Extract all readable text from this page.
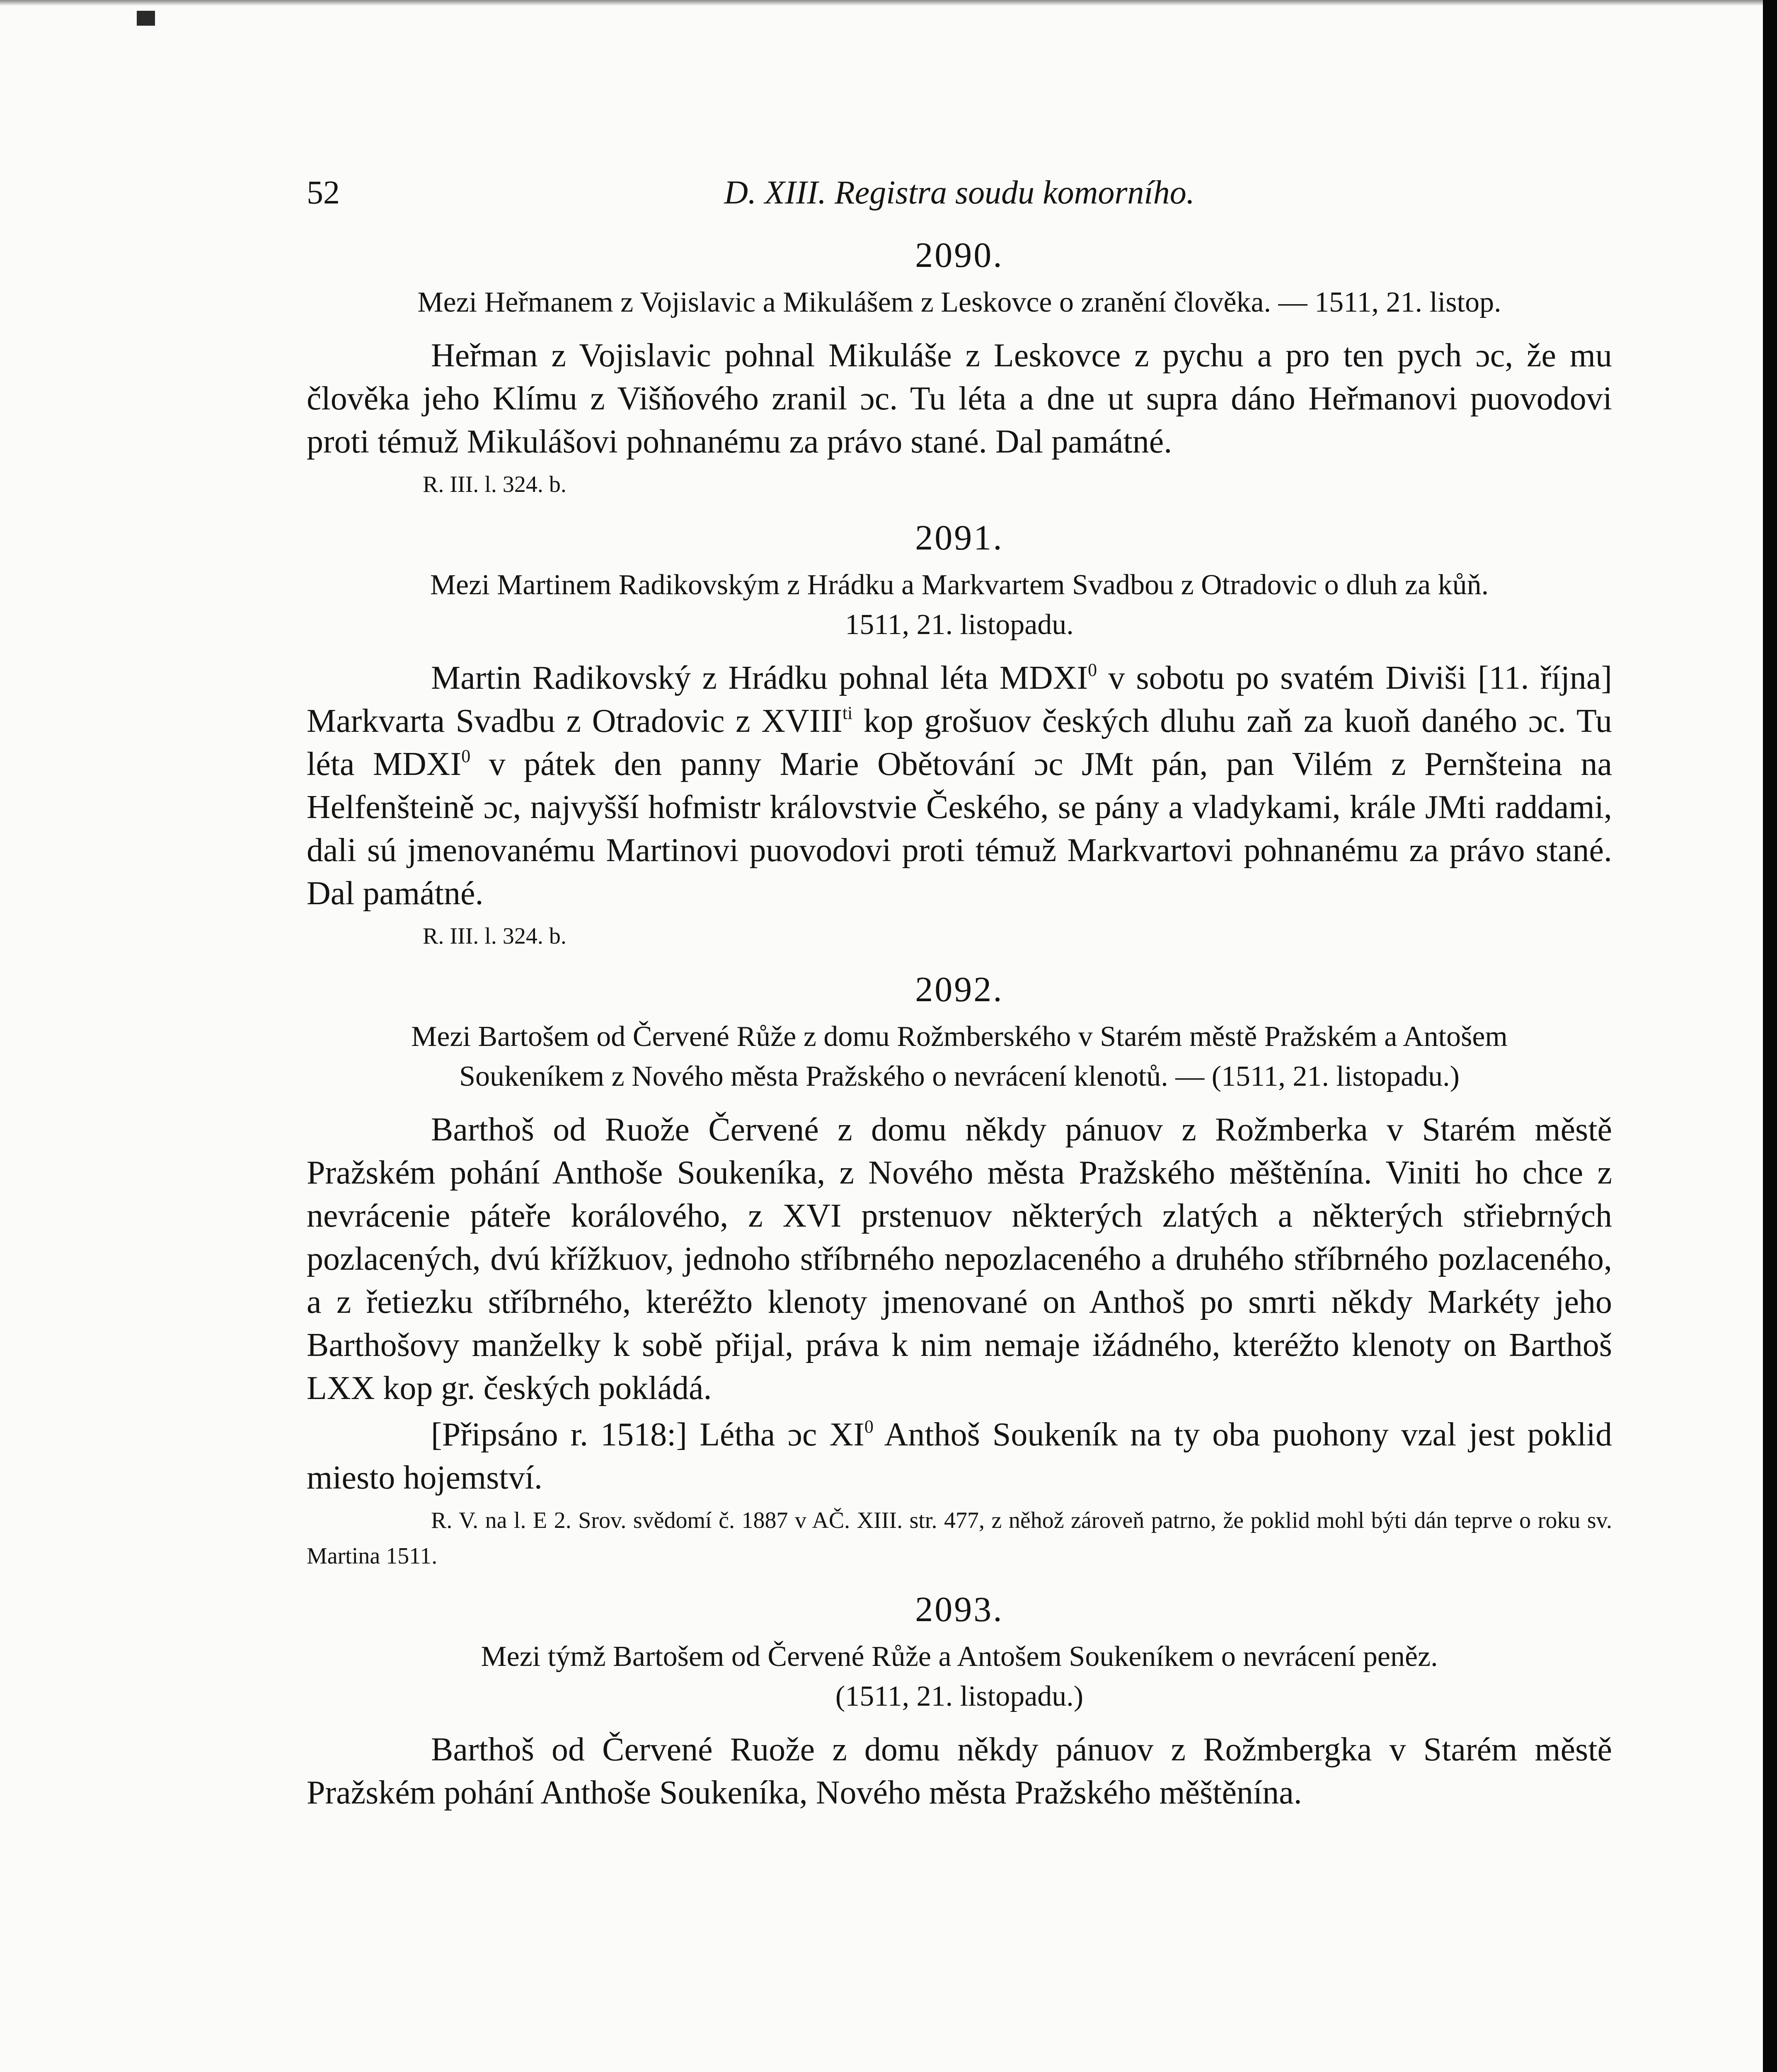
52	D. XIII. Registra soudu komorního.
2090.

Mezi Heřmanem z Vojislavic a Mikulášem z Leskovce o zranění člověka. — 1511, 21. listop.

Heřman z Vojislavic pohnal Mikuláše z Leskovce z pychu a pro ten pych ɔc, že mu člověka jeho Klímu z Višňového zranil ɔc. Tu léta a dne ut supra dáno Heřmanovi puovodovi proti témuž Mikulášovi pohnanému za právo stané. Dal památné.

R. III. l. 324. b.
2091.

Mezi Martinem Radikovským z Hrádku a Markvartem Svadbou z Otradovic o dluh za kůň.
1511, 21. listopadu.

Martin Radikovský z Hrádku pohnal léta MDXI$^0$ v sobotu po svatém Diviši [11. října] Markvarta Svadbu z Otradovic z $XVIII^{ti}$ kop grošuov českých dluhu zaň za kuoň daného ɔc. Tu léta MDXI$^0$ v pátek den panny Marie Obětování ɔc JMt pán, pan Vilém z Pernšteina na Helfenšteině ɔc, najvyšší hofmistr královstvie Českého, se pány a vladykami, krále JMti raddami, dali sú jmenovanému Martinovi puovodovi proti témuž Markvartovi pohnanému za právo stané. Dal památné.

R. III. l. 324. b.
2092.

Mezi Bartošem od Červené Růže z domu Rožmberského v Starém městě Pražském a Antošem
Soukeníkem z Nového města Pražského o nevrácení klenotů. — (1511, 21. listopadu.)

Barthoš od Ruože Červené z domu někdy pánuov z Rožmberka v Starém městě Pražském pohání Anthoše Soukeníka, z Nového města Pražského měštěnína. Viniti ho chce z nevrácenie páteře korálového, z XVI prstenuov některých zlatých a některých střiebrných pozlacených, dvú křížkuov, jednoho stříbrného nepozlaceného a druhého stříbrného pozlaceného, a z řetiezku stříbrného, kteréžto klenoty jmenované on Anthoš po smrti někdy Markéty jeho Barthošovy manželky k sobě přijal, práva k nim nemaje ižádného, kteréžto klenoty on Barthoš LXX kop gr. českých pokládá.

[Připsáno r. 1518:] Létha ɔc $XI^0$ Anthoš Soukeník na ty oba puohony vzal jest poklid miesto hojemství.

R. V. na l. E 2. Srov. svědomí č. 1887 v AČ. XIII. str. 477, z něhož zároveň patrno, že poklid mohl býti dán teprve o roku sv. Martina 1511.
2093.

Mezi týmž Bartošem od Červené Růže a Antošem Soukeníkem o nevrácení peněz.
(1511, 21. listopadu.)

Barthoš od Červené Ruože z domu někdy pánuov z Rožmbergka v Starém městě Pražském pohání Anthoše Soukeníka, Nového města Pražského měštěnína.
